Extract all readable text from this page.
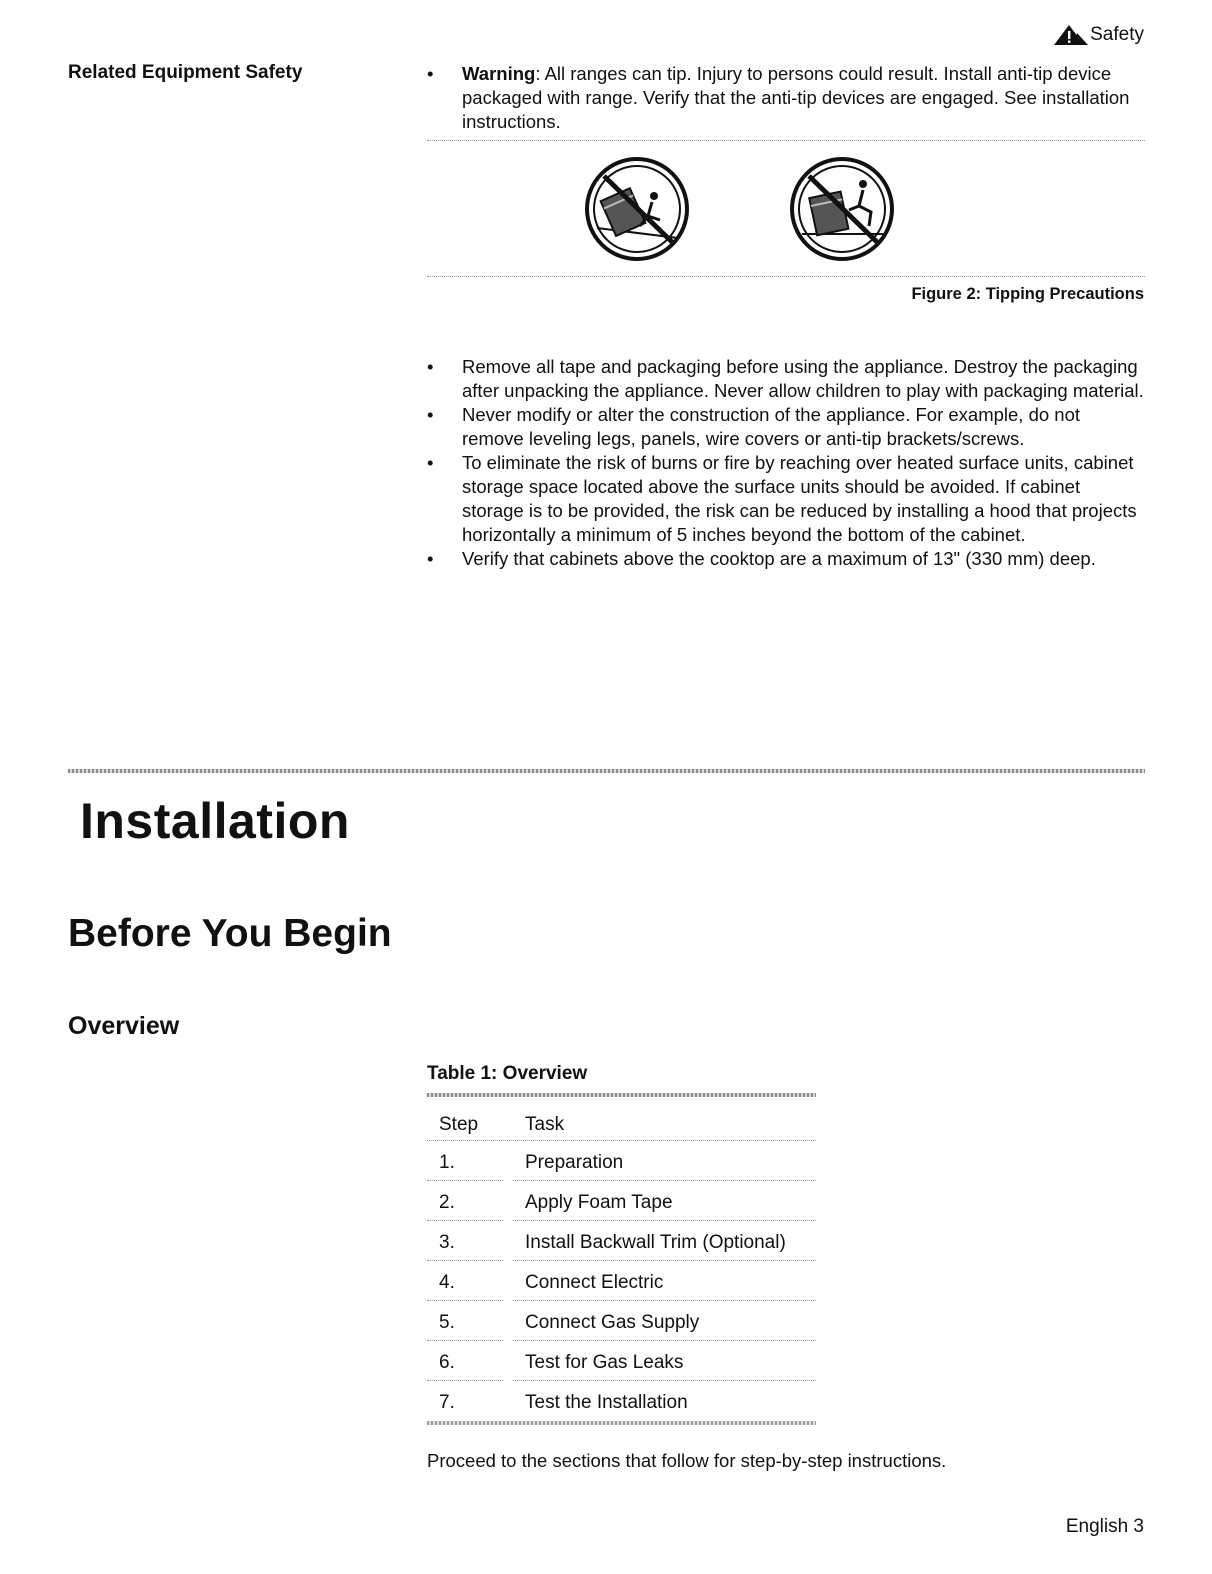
Safety
Related Equipment Safety	• Warning: All ranges can tip. Injury to persons could result. Install anti-tip device packaged with range. Verify that the anti-tip devices are engaged. See installation instructions.
Figure 2: Tipping Precautions
• Remove all tape and packaging before using the appliance. Destroy the packaging after unpacking the appliance. Never allow children to play with packaging material.
• Never modify or alter the construction of the appliance. For example, do not remove leveling legs, panels, wire covers or anti-tip brackets/screws.
• To eliminate the risk of burns or fire by reaching over heated surface units, cabinet storage space located above the surface units should be avoided. If cabinet storage is to be provided, the risk can be reduced by installing a hood that projects horizontally a minimum of 5 inches beyond the bottom of the cabinet.
• Verify that cabinets above the cooktop are a maximum of 13" (330 mm) deep.
Installation
Before You Begin
Overview
Table 1: Overview
Step Task
1.	Preparation
2.	Apply Foam Tape
3.	Install Backwall Trim (Optional)
4.	Connect Electric
5.	Connect Gas Supply
6.	Test for Gas Leaks
7.	Test the Installation
Proceed to the sections that follow for step-by-step instructions.
English 3
